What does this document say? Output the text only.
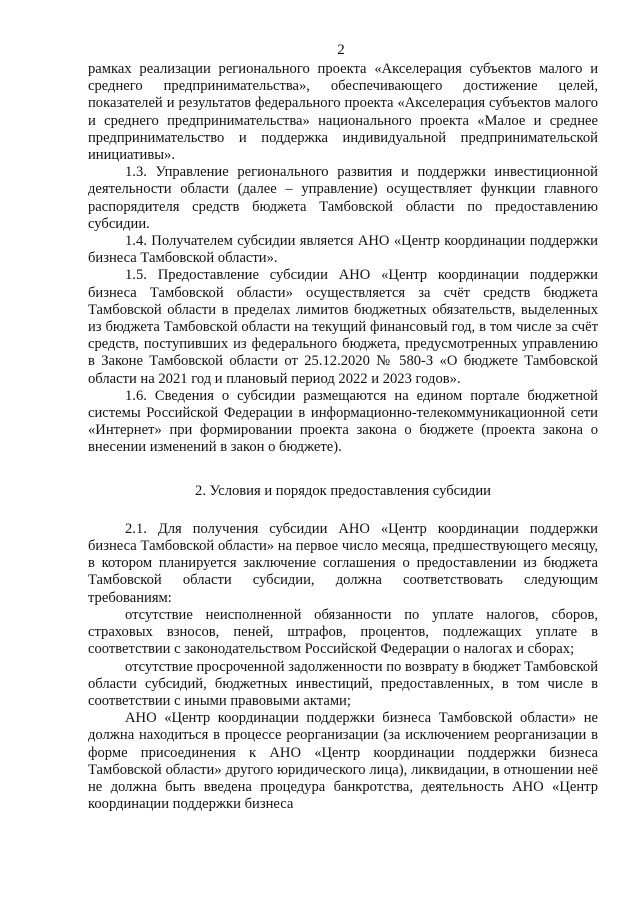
2

рамках реализации регионального проекта «Акселерация субъектов малого и среднего предпринимательства», обеспечивающего достижение целей, показателей и результатов федерального проекта «Акселерация субъектов малого и среднего предпринимательства» национального проекта «Малое и среднее предпринимательство и поддержка индивидуальной предпринимательской инициативы».

1.3. Управление регионального развития и поддержки инвестиционной деятельности области (далее – управление) осуществляет функции главного распорядителя средств бюджета Тамбовской области по предоставлению субсидии.

1.4. Получателем субсидии является АНО «Центр координации поддержки бизнеса Тамбовской области».

1.5. Предоставление субсидии АНО «Центр координации поддержки бизнеса Тамбовской области» осуществляется за счёт средств бюджета Тамбовской области в пределах лимитов бюджетных обязательств, выделенных из бюджета Тамбовской области на текущий финансовый год, в том числе за счёт средств, поступивших из федерального бюджета, предусмотренных управлению в Законе Тамбовской области от 25.12.2020 № 580-З «О бюджете Тамбовской области на 2021 год и плановый период 2022 и 2023 годов».

1.6. Сведения о субсидии размещаются на едином портале бюджетной системы Российской Федерации в информационно-телекоммуникационной сети «Интернет» при формировании проекта закона о бюджете (проекта закона о внесении изменений в закон о бюджете).

2. Условия и порядок предоставления субсидии

2.1. Для получения субсидии АНО «Центр координации поддержки бизнеса Тамбовской области» на первое число месяца, предшествующего месяцу, в котором планируется заключение соглашения о предоставлении из бюджета Тамбовской области субсидии, должна соответствовать следующим требованиям:

отсутствие неисполненной обязанности по уплате налогов, сборов, страховых взносов, пеней, штрафов, процентов, подлежащих уплате в соответствии с законодательством Российской Федерации о налогах и сборах;

отсутствие просроченной задолженности по возврату в бюджет Тамбовской области субсидий, бюджетных инвестиций, предоставленных, в том числе в соответствии с иными правовыми актами;

АНО «Центр координации поддержки бизнеса Тамбовской области» не должна находиться в процессе реорганизации (за исключением реорганизации в форме присоединения к АНО «Центр координации поддержки бизнеса Тамбовской области» другого юридического лица), ликвидации, в отношении неё не должна быть введена процедура банкротства, деятельность АНО «Центр координации поддержки бизнеса
